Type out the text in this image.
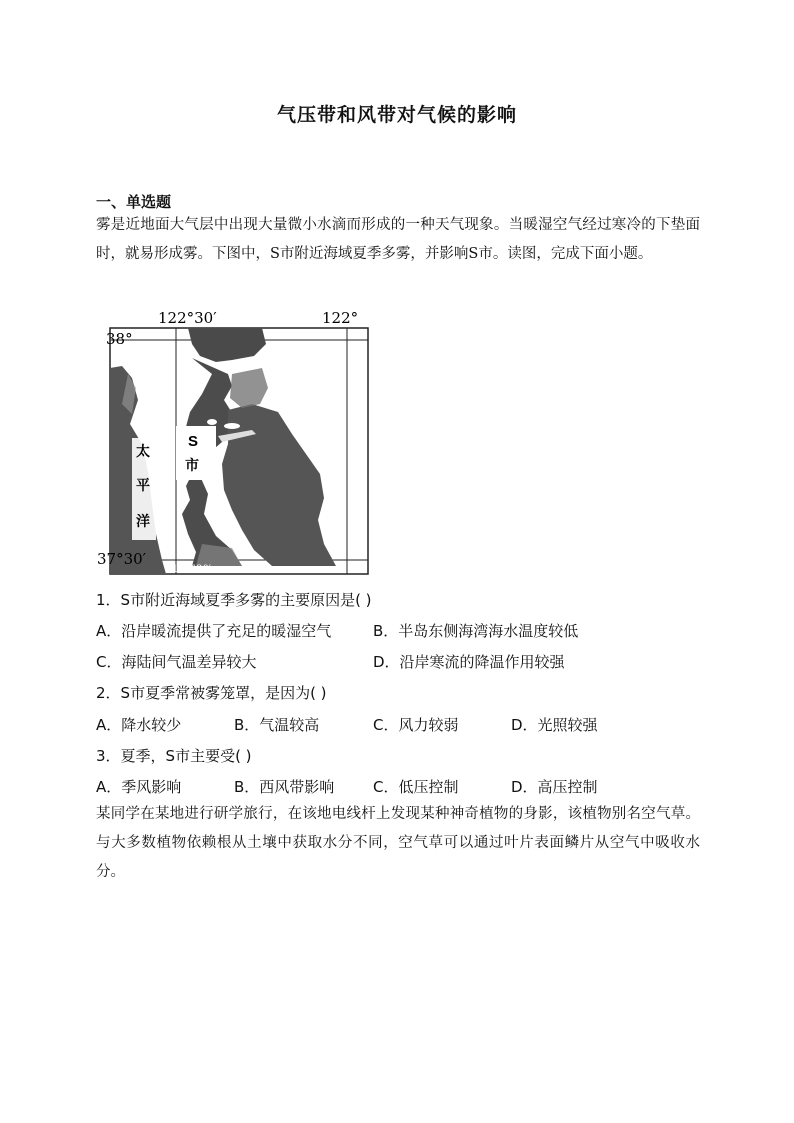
气压带和风带对气候的影响
一、单选题
雾是近地面大气层中出现大量微小水滴而形成的一种天气现象。当暖湿空气经过寒冷的下垫面时，就易形成雾。下图中，S市附近海域夏季多雾，并影响S市。读图，完成下面小题。
122°30′	122°
38°
37°30′
122°30′
S
市
太
平
洋
1．S市附近海域夏季多雾的主要原因是( )
A．沿岸暖流提供了充足的暖湿空气	B．半岛东侧海湾海水温度较低
C．海陆间气温差异较大	D．沿岸寒流的降温作用较强
2．S市夏季常被雾笼罩，是因为( )
A．降水较少	B．气温较高	C．风力较弱	D．光照较强
3．夏季，S市主要受( )
A．季风影响	B．西风带影响	C．低压控制	D．高压控制
某同学在某地进行研学旅行，在该地电线杆上发现某种神奇植物的身影，该植物别名空气草。与大多数植物依赖根从土壤中获取水分不同，空气草可以通过叶片表面鳞片从空气中吸收水分。
